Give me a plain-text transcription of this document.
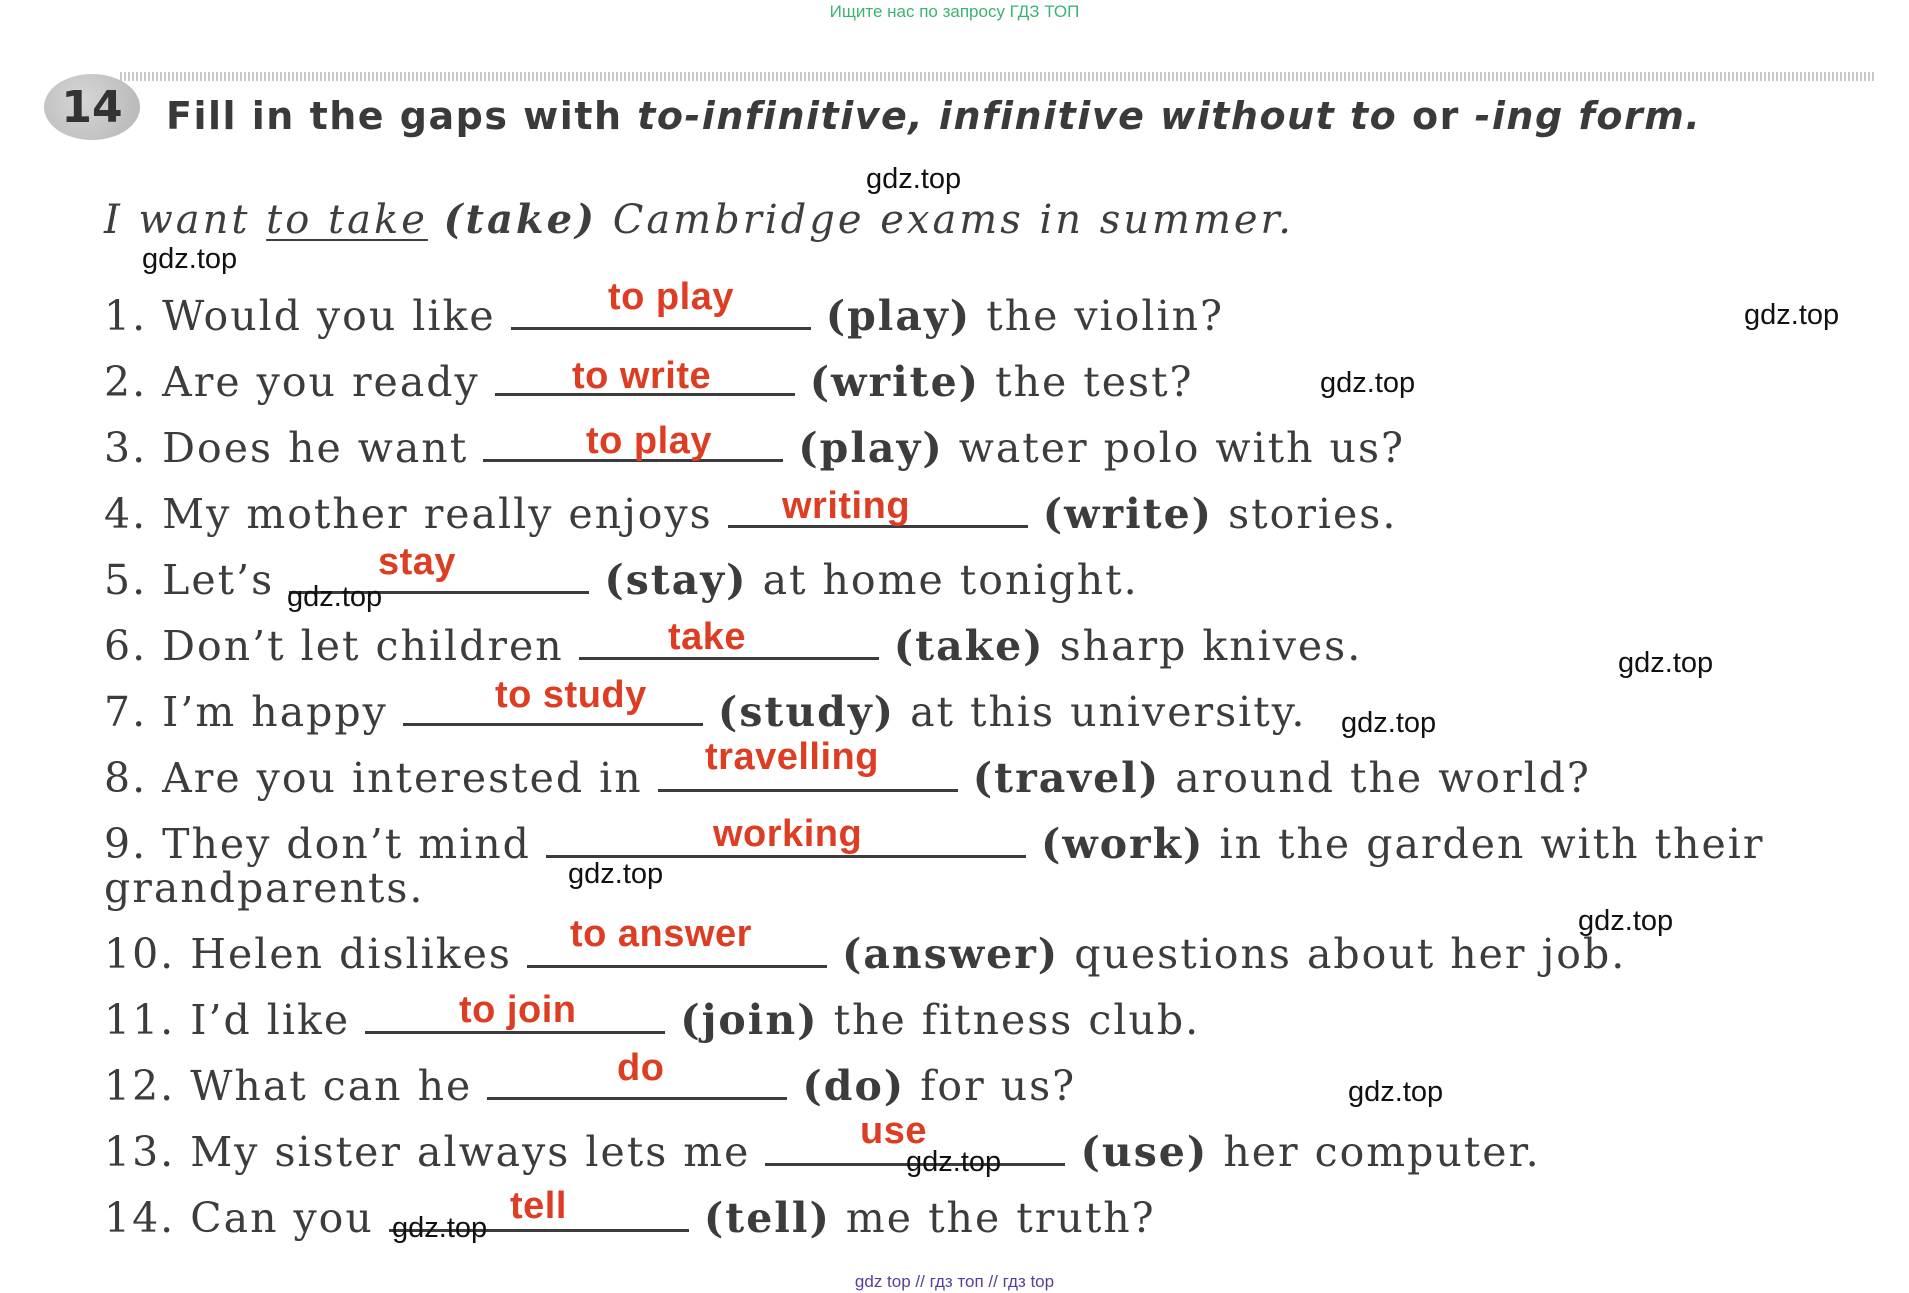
Ищите нас по запросу ГДЗ ТОП
14 Fill in the gaps with to-infinitive, infinitive without to or -ing form.
I want to take (take) Cambridge exams in summer.
1. Would you like	(play) the violin?
2. Are you ready	(write) the test?
3. Does he want	(play) water polo with us?
4. My mother really enjoys	(write) stories.
5. Let’s	(stay) at home tonight.
6. Don’t let children	(take) sharp knives.
7. I’m happy	(study) at this university.
8. Are you interested in	(travel) around the world?
9. They don’t mind	(work) in the garden with their
grandparents.
10. Helen dislikes	(answer) questions about her job.
11. I’d like	(join) the fitness club.
12. What can he	(do) for us?
13. My sister always lets me	(use) her computer.
14. Can you	(tell) me the truth?
to play
to write
to play
writing
stay
take
to study
travelling
working
to answer
to join
do
use
tell
gdz.top
gdz.top
gdz.top
gdz.top
gdz.top
gdz.top
gdz.top
gdz.top
gdz.top
gdz.top
gdz.top
gdz.top
gdz top // гдз топ // гдз top
